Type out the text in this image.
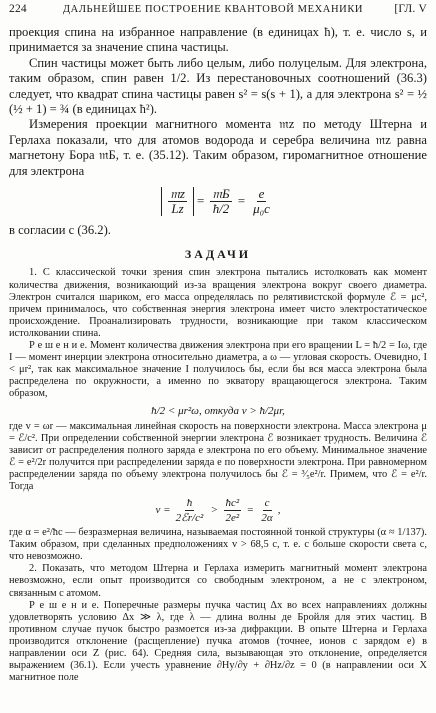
224	ДАЛЬНЕЙШЕЕ ПОСТРОЕНИЕ КВАНТОВОЙ МЕХАНИКИ	[ГЛ. V

проекция спина на избранное направление (в единицах ħ), т. е. число s, и принимается за значение спина частицы.

Спин частицы может быть либо целым, либо полуцелым. Для электрона, таким образом, спин равен 1/2. Из перестановочных соотношений (36.3) следует, что квадрат спина частицы равен s² = s(s + 1), а для электрона s² = ½ (½ + 1) = ¾ (в единицах ħ²).

Измерения проекции магнитного момента 𝔪z по методу Штерна и Герлаха показали, что для атомов водорода и серебра величина 𝔪z равна магнетону Бора 𝔪Б, т. е. (35.12). Таким образом, гиромагнитное отношение для электрона

$\frac{\text{𝔪z}}{Lz} = \frac{\text{𝔪Б}}{ħ/2} = \frac{e}{\text{μ₀c}}$

в согласии с (36.2).

ЗАДАЧИ

1. С классической точки зрения спин электрона пытались истолковать как момент количества движения, возникающий из-за вращения электрона вокруг своего диаметра. Электрон считался шариком, его масса определялась по релятивистской формуле ℰ = μc², причем принималось, что собственная энергия электрона имеет чисто электростатическое происхождение. Проанализировать трудности, возникающие при таком классическом истолковании спина.

Р е ш е н и е. Момент количества движения электрона при его вращении L = ħ/2 = Iω, где I — момент инерции электрона относительно диаметра, а ω — угловая скорость. Очевидно, I < μr², так как максимальное значение I получилось бы, если бы вся масса электрона была распределена по окружности, а именно по экватору вращающегося электрона. Таким образом,

ħ/2 < μr²ω, откуда v > ħ/2μr,

где v = ωr — максимальная линейная скорость на поверхности электрона. Масса электрона μ = ℰ/c². При определении собственной энергии электрона ℰ возникает трудность. Величина ℰ зависит от распределения полного заряда e электрона по его объему. Минимальное значение ℰ = e²/2r получится при распределении заряда e по поверхности электрона. При равномерном распределении заряда по объему электрона получилось бы ℰ = ³⁄₅e²/r. Примем, что ℰ = e²/r. Тогда

$v = \frac{ħ}{\text{2ℰr/c²}} > \frac{\text{ħc²}}{\text{2e²}} = \frac{c}{2\alpha}$ ,

где α = e²/ħc — безразмерная величина, называемая постоянной тонкой структуры (α ≈ 1/137). Таким образом, при сделанных предположениях v > 68,5 c, т. е. с больше скорости света c, что невозможно.

2. Показать, что методом Штерна и Герлаха измерить магнитный момент электрона невозможно, если опыт производится со свободным электроном, а не с электроном, связанным с атомом.

Р е ш е н и е. Поперечные размеры пучка частиц Δx во всех направлениях должны удовлетворять условию Δx ≫ λ, где λ — длина волны де Бройля для этих частиц. В противном случае пучок быстро размоется из-за дифракции. В опыте Штерна и Герлаха производится отклонение (расщепление) пучка атомов (точнее, ионов с зарядом e) в направлении оси Z (рис. 64). Средняя сила, вызывающая это отклонение, определяется выражением (36.1). Если учесть уравнение ∂Hy/∂y + ∂Hz/∂z = 0 (в направлении оси X магнитное поле
